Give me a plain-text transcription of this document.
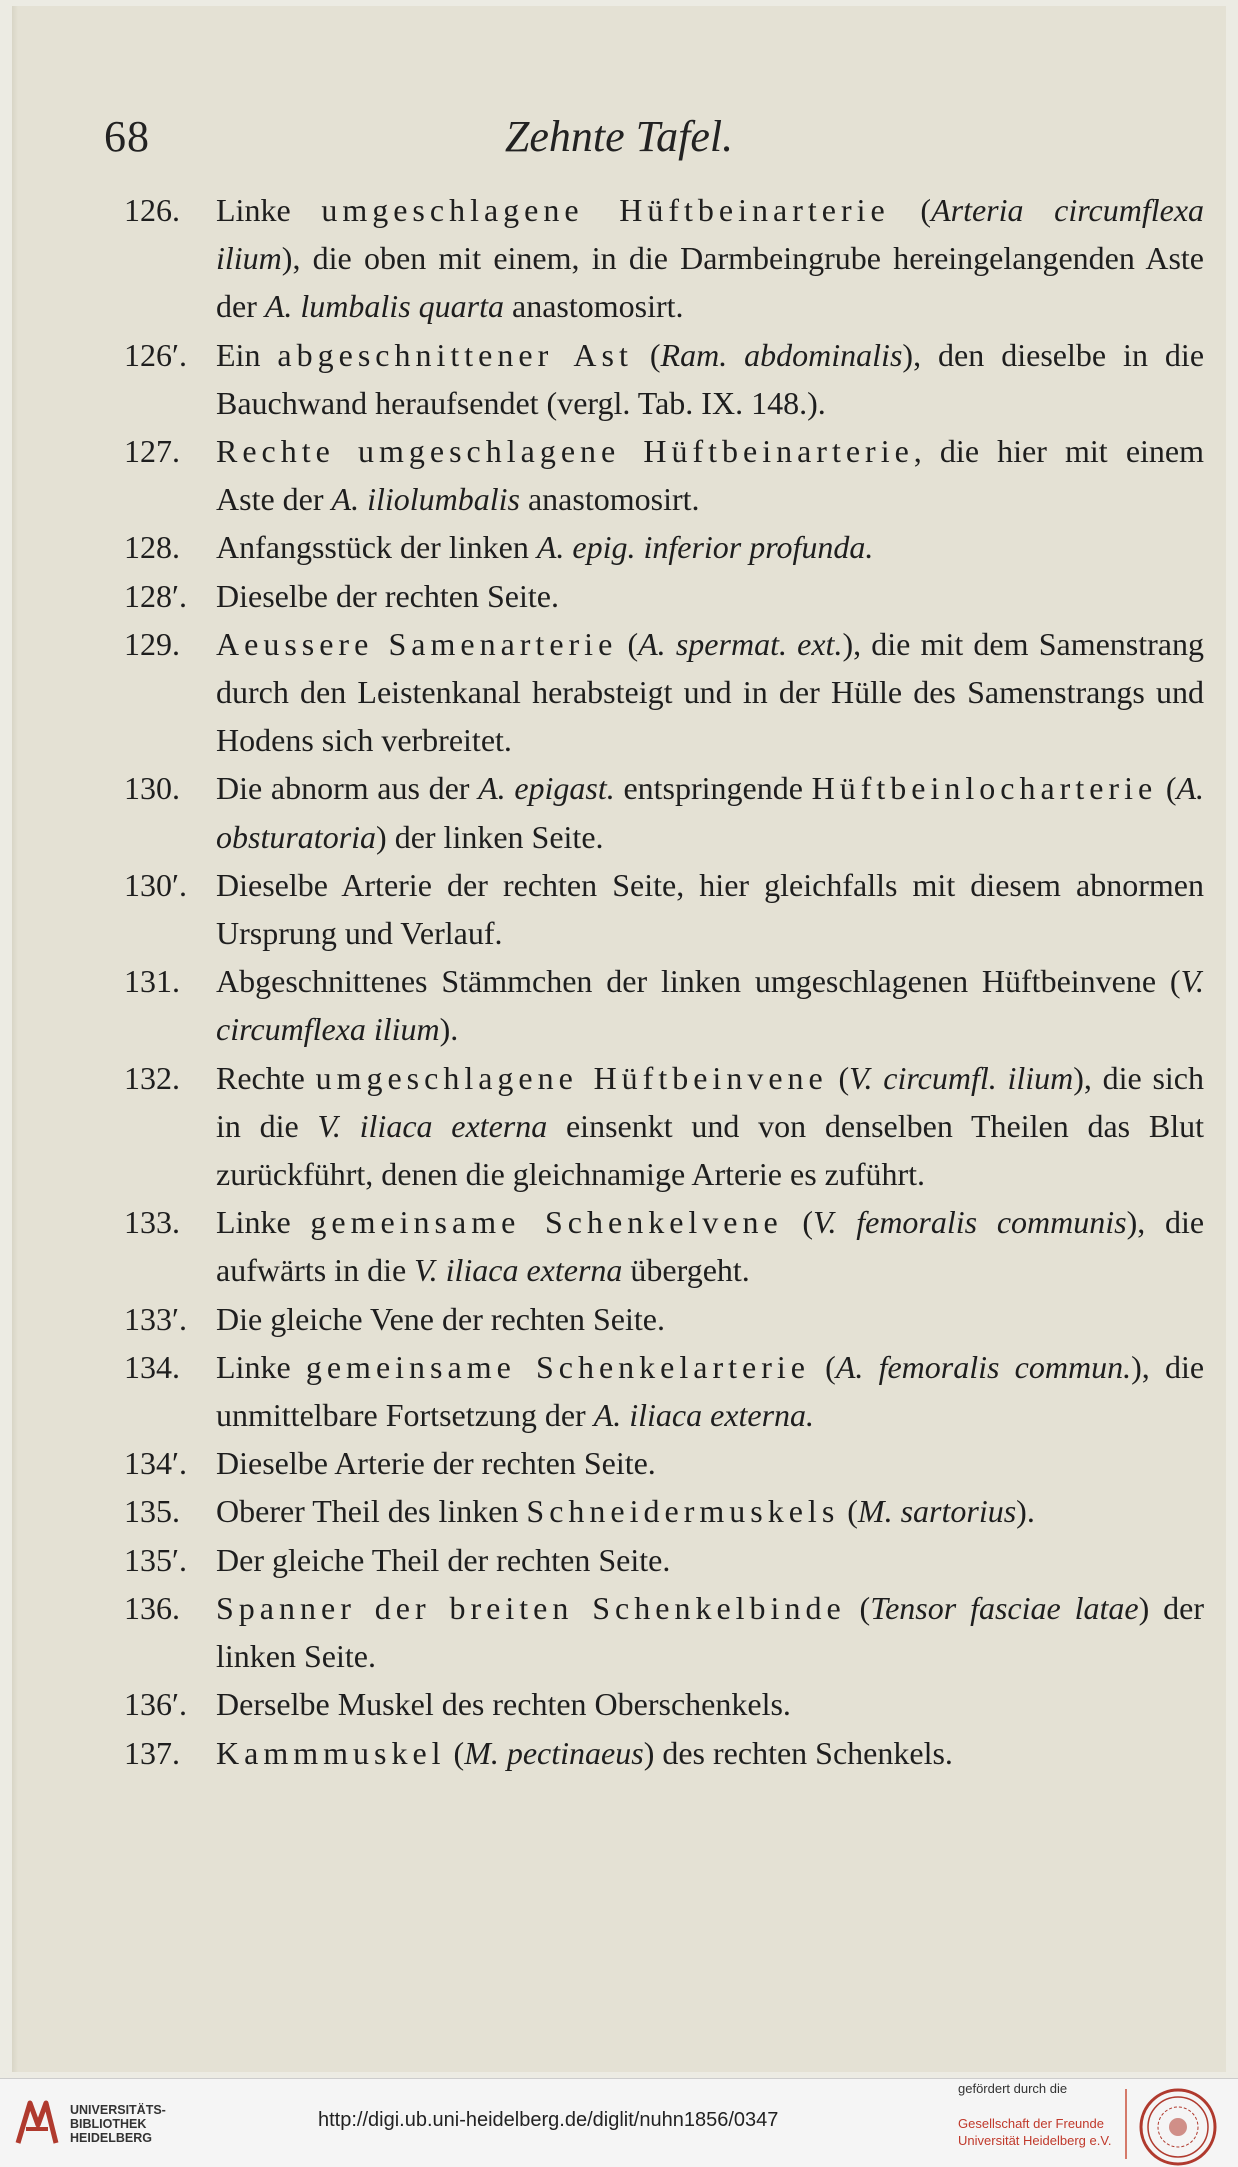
68	Zehnte Tafel.
126.	Linke umgeschlagene Hüftbeinarterie (Arteria circumflexa ilium), die oben mit einem, in die Darmbeingrube hereingelangenden Aste der A. lumbalis quarta anastomosirt.
126′. Ein abgeschnittener Ast (Ram. abdominalis), den dieselbe in die Bauchwand heraufsendet (vergl. Tab. IX. 148.).
127.	Rechte umgeschlagene Hüftbeinarterie, die hier mit einem Aste der A. iliolumbalis anastomosirt.
128.	Anfangsstück der linken A. epig. inferior profunda.
128′. Dieselbe der rechten Seite.
129.	Aeussere Samenarterie (A. spermat. ext.), die mit dem Samenstrang durch den Leistenkanal herabsteigt und in der Hülle des Samenstrangs und Hodens sich verbreitet.
130.	Die abnorm aus der A. epigast. entspringende Hüftbeinlocharterie (A. obsturatoria) der linken Seite.
130′. Dieselbe Arterie der rechten Seite, hier gleichfalls mit diesem abnormen Ursprung und Verlauf.
131.	Abgeschnittenes Stämmchen der linken umgeschlagenen Hüftbeinvene (V. circumflexa ilium).
132.	Rechte umgeschlagene Hüftbeinvene (V. circumfl. ilium), die sich in die V. iliaca externa einsenkt und von denselben Theilen das Blut zurückführt, denen die gleichnamige Arterie es zuführt.
133.	Linke gemeinsame Schenkelvene (V. femoralis communis), die aufwärts in die V. iliaca externa übergeht.
133′. Die gleiche Vene der rechten Seite.
134.	Linke gemeinsame Schenkelarterie (A. femoralis commun.), die unmittelbare Fortsetzung der A. iliaca externa.
134′. Dieselbe Arterie der rechten Seite.
135.	Oberer Theil des linken Schneidermuskels (M. sartorius).
135′. Der gleiche Theil der rechten Seite.
136.	Spanner der breiten Schenkelbinde (Tensor fasciae latae) der linken Seite.
136′. Derselbe Muskel des rechten Oberschenkels.
137.	Kammmuskel (M. pectinaeus) des rechten Schenkels.
UNIVERSITÄTS-
BIBLIOTHEK
HEIDELBERG
http://digi.ub.uni-heidelberg.de/diglit/nuhn1856/0347
gefördert durch die
Gesellschaft der Freunde
Universität Heidelberg e.V.
